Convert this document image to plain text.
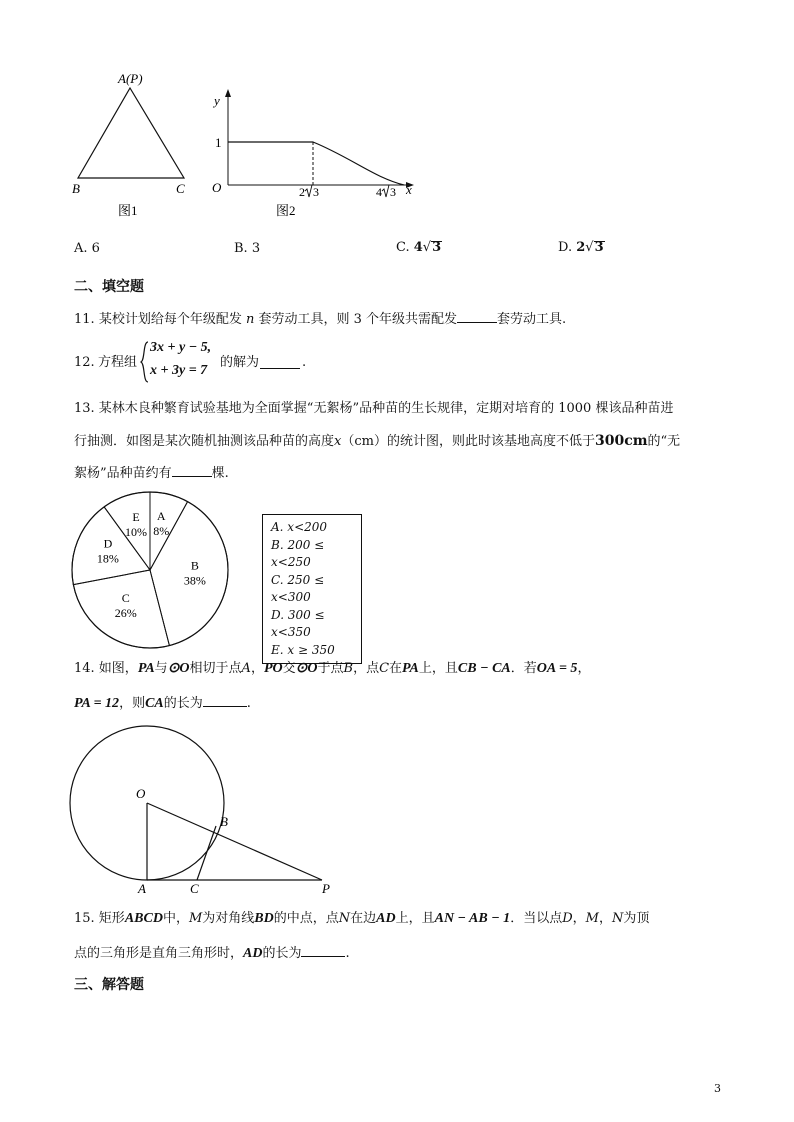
A(P)
B	C
图1
y
x
O
1
2 3	4 3
图2
A. 6	B. 3	C. 4√3	D. 2√3
二、填空题
11. 某校计划给每个年级配发 n 套劳动工具，则 3 个年级共需配发	套劳动工具.
12. 方程组
3x + y − 5,
x + 3y = 7
的解为	.
13. 某林木良种繁育试验基地为全面掌握“无絮杨”品种苗的生长规律，定期对培育的 1000 棵该品种苗进
行抽测．如图是某次随机抽测该品种苗的高度x（cm）的统计图，则此时该基地高度不低于300cm的“无
絮杨”品种苗约有	棵.
A
8%
B
38%
C
26%
D
18%
E
10%	A. x<200
B. 200 ≤ x<250
C. 250 ≤ x<300
D. 300 ≤ x<350
E. x ≥ 350
14. 如图，PA与⊙O相切于点A，PO交⊙O于点B，点C在PA上，且CB − CA．若OA = 5，
PA = 12，则CA的长为	.
O
B
A	C	P
15. 矩形ABCD中，M为对角线BD的中点，点N在边AD上，且AN − AB − 1．当以点D，M，N为顶
点的三角形是直角三角形时，AD的长为	.
三、解答题
3
